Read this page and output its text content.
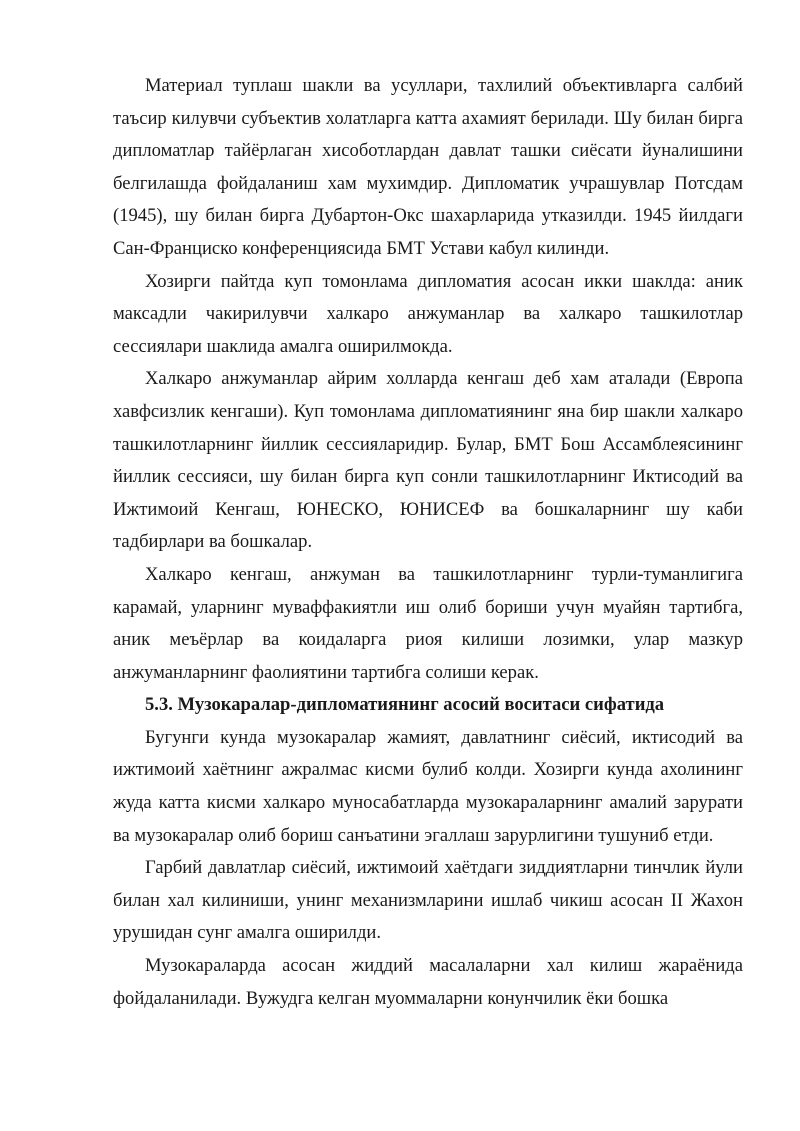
Материал туплаш шакли ва усуллари, тахлилий объективларга салбий таъсир килувчи субъектив холатларга катта ахамият берилади. Шу билан бирга дипломатлар тайёрлаган хисоботлардан давлат ташки сиёсати йуналишини белгилашда фойдаланиш хам мухимдир. Дипломатик учрашувлар Потсдам (1945), шу билан бирга Дубартон-Окс шахарларида утказилди. 1945 йилдаги Сан-Франциско конференциясида БМТ Устави кабул килинди.

Хозирги пайтда куп томонлама дипломатия асосан икки шаклда: аник максадли чакирилувчи халкаро анжуманлар ва халкаро ташкилотлар сессиялари шаклида амалга оширилмокда.

Халкаро анжуманлар айрим холларда кенгаш деб хам аталади (Европа хавфсизлик кенгаши). Куп томонлама дипломатиянинг яна бир шакли халкаро ташкилотларнинг йиллик сессияларидир. Булар, БМТ Бош Ассамблеясининг йиллик сессияси, шу билан бирга куп сонли ташкилотларнинг Иктисодий ва Ижтимоий Кенгаш, ЮНЕСКО, ЮНИСЕФ ва бошкаларнинг шу каби тадбирлари ва бошкалар.

Халкаро кенгаш, анжуман ва ташкилотларнинг турли-туманлигига карамай, уларнинг муваффакиятли иш олиб бориши учун муайян тартибга, аник меъёрлар ва коидаларга риоя килиши лозимки, улар мазкур анжуманларнинг фаолиятини тартибга солиши керак.

5.3. Музокаралар-дипломатиянинг асосий воситаси сифатида

Бугунги кунда музокаралар жамият, давлатнинг сиёсий, иктисодий ва ижтимоий хаётнинг ажралмас кисми булиб колди. Хозирги кунда ахолининг жуда катта кисми халкаро муносабатларда музокараларнинг амалий зарурати ва музокаралар олиб бориш санъатини эгаллаш зарурлигини тушуниб етди.

Гарбий давлатлар сиёсий, ижтимоий хаётдаги зиддиятларни тинчлик йули билан хал килиниши, унинг механизмларини ишлаб чикиш асосан II Жахон урушидан сунг амалга оширилди.

Музокараларда асосан жиддий масалаларни хал килиш жараёнида фойдаланилади. Вужудга келган муоммаларни конунчилик ёки бошка
